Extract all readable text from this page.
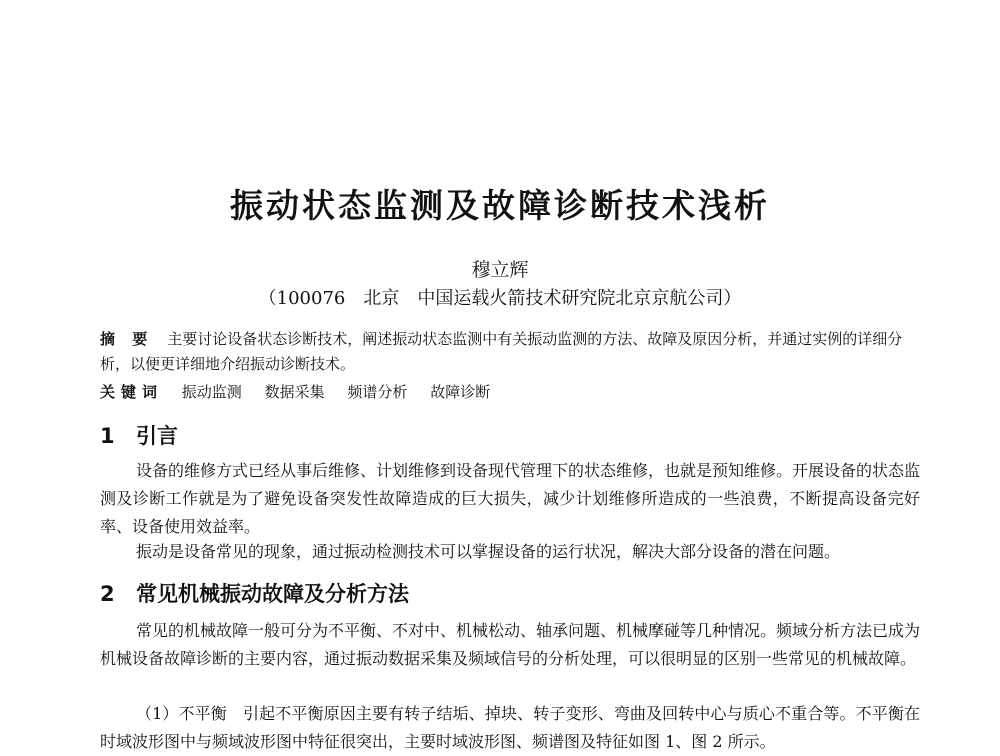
振动状态监测及故障诊断技术浅析
穆立辉
（100076　北京　中国运载火箭技术研究院北京京航公司）
摘 要 主要讨论设备状态诊断技术，阐述振动状态监测中有关振动监测的方法、故障及原因分析，并通过实例的详细分析，以便更详细地介绍振动诊断技术。
关键词 振动监测 数据采集 频谱分析 故障诊断
1 引言
设备的维修方式已经从事后维修、计划维修到设备现代管理下的状态维修，也就是预知维修。开展设备的状态监测及诊断工作就是为了避免设备突发性故障造成的巨大损失，减少计划维修所造成的一些浪费，不断提高设备完好率、设备使用效益率。
振动是设备常见的现象，通过振动检测技术可以掌握设备的运行状况，解决大部分设备的潜在问题。
2 常见机械振动故障及分析方法
常见的机械故障一般可分为不平衡、不对中、机械松动、轴承问题、机械摩碰等几种情况。频域分析方法已成为机械设备故障诊断的主要内容，通过振动数据采集及频域信号的分析处理，可以很明显的区别一些常见的机械故障。
（1）不平衡　引起不平衡原因主要有转子结垢、掉块、转子变形、弯曲及回转中心与质心不重合等。不平衡在时域波形图中与频域波形图中特征很突出，主要时域波形图、频谱图及特征如图 1、图 2 所示。
